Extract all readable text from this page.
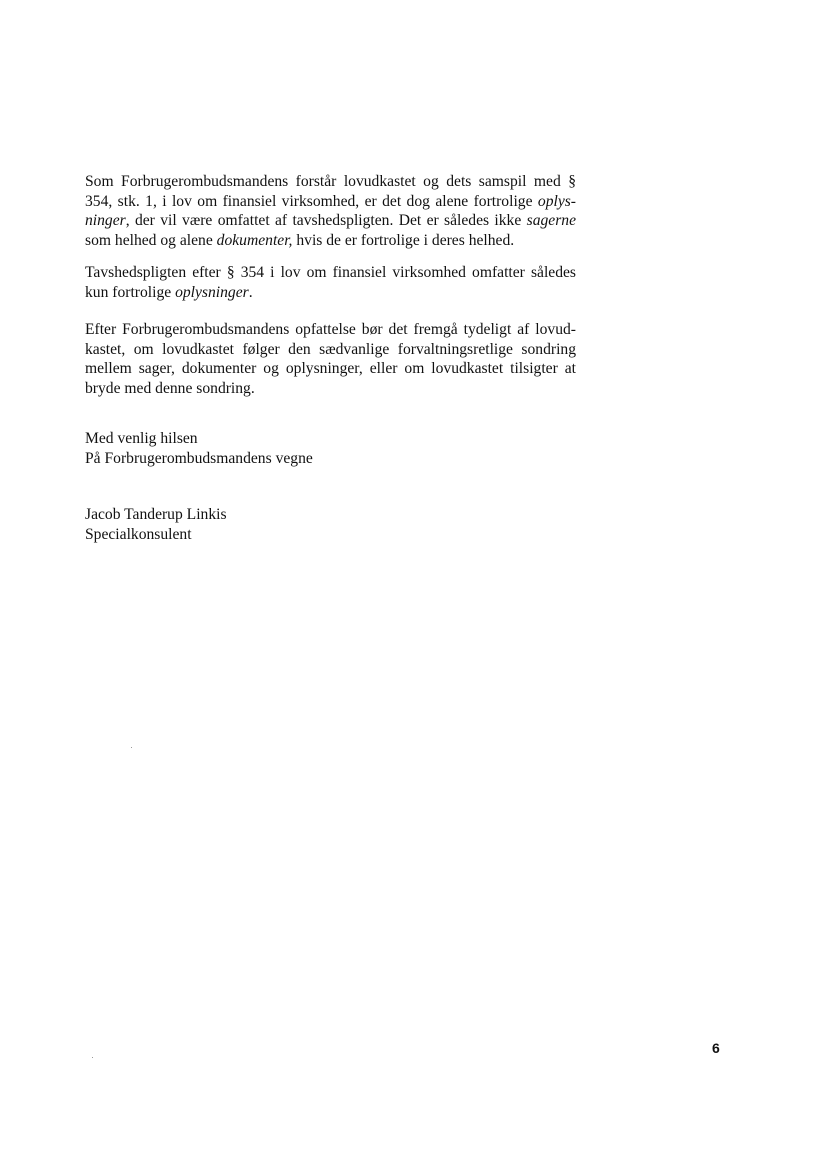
Som Forbrugerombudsmandens forstår lovudkastet og dets samspil med §
354, stk. 1, i lov om finansiel virksomhed, er det dog alene fortrolige oplys-
ninger, der vil være omfattet af tavshedspligten. Det er således ikke sagerne
som helhed og alene dokumenter, hvis de er fortrolige i deres helhed.
Tavshedspligten efter § 354 i lov om finansiel virksomhed omfatter således
kun fortrolige oplysninger.
Efter Forbrugerombudsmandens opfattelse bør det fremgå tydeligt af lovud-
kastet, om lovudkastet følger den sædvanlige forvaltningsretlige sondring
mellem sager, dokumenter og oplysninger, eller om lovudkastet tilsigter at
bryde med denne sondring.
Med venlig hilsen
På Forbrugerombudsmandens vegne
Jacob Tanderup Linkis
Specialkonsulent
6
